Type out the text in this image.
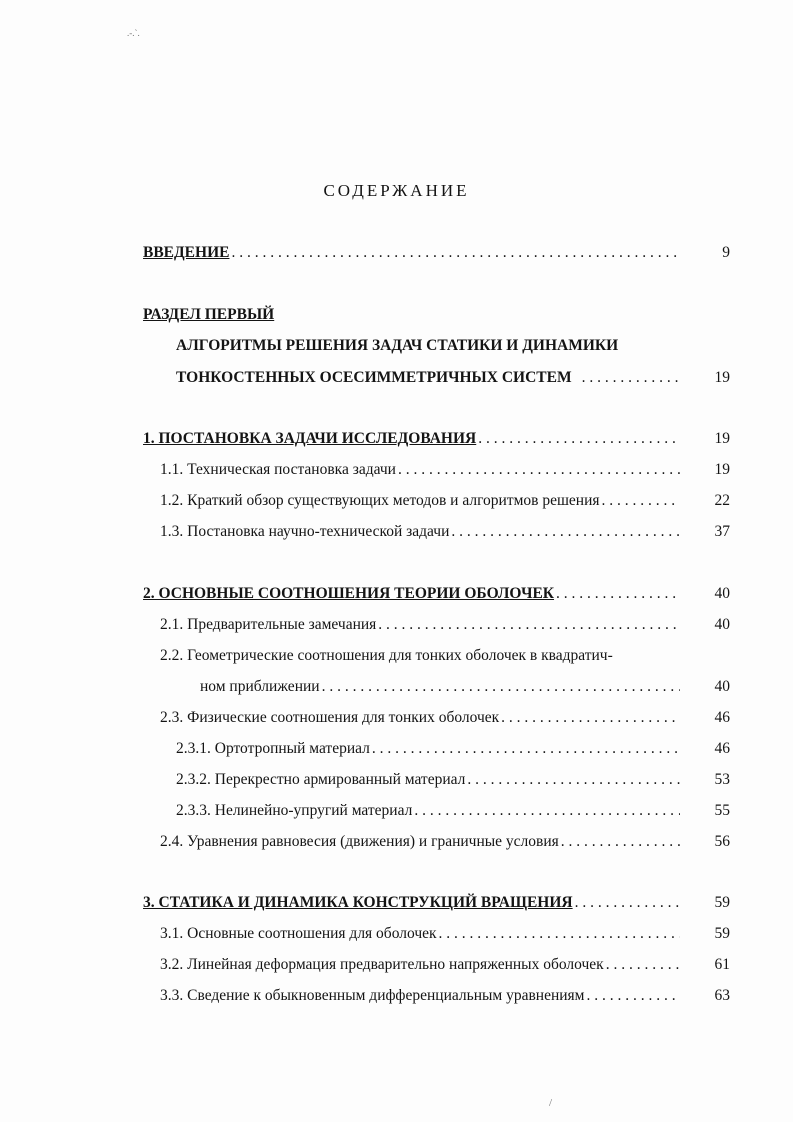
.-.`.
СОДЕРЖАНИЕ
ВВЕДЕНИЕ . . .	9
РАЗДЕЛ ПЕРВЫЙ
АЛГОРИТМЫ РЕШЕНИЯ ЗАДАЧ СТАТИКИ И ДИНАМИКИ
ТОНКОСТЕННЫХ ОСЕСИММЕТРИЧНЫХ СИСТЕМ . . .	19
1. ПОСТАНОВКА ЗАДАЧИ ИССЛЕДОВАНИЯ . . .	19
1.1. Техническая постановка задачи . . .	19
1.2. Краткий обзор существующих методов и алгоритмов решения . . .	22
1.3. Постановка научно-технической задачи . . .	37
2. ОСНОВНЫЕ СООТНОШЕНИЯ ТЕОРИИ ОБОЛОЧЕК . . .	40
2.1. Предварительные замечания . . .	40
2.2. Геометрические соотношения для тонких оболочек в квадратич-
ном приближении . . .	40
2.3. Физические соотношения для тонких оболочек . . .	46
2.3.1. Ортотропный материал . . .	46
2.3.2. Перекрестно армированный материал . . .	53
2.3.3. Нелинейно-упругий материал . . .	55
2.4. Уравнения равновесия (движения) и граничные условия . . .	56
3. СТАТИКА И ДИНАМИКА КОНСТРУКЦИЙ ВРАЩЕНИЯ . . .	59
3.1. Основные соотношения для оболочек . . .	59
3.2. Линейная деформация предварительно напряженных оболочек . . .	61
3.3. Сведение к обыкновенным дифференциальным уравнениям . . .	63
/
